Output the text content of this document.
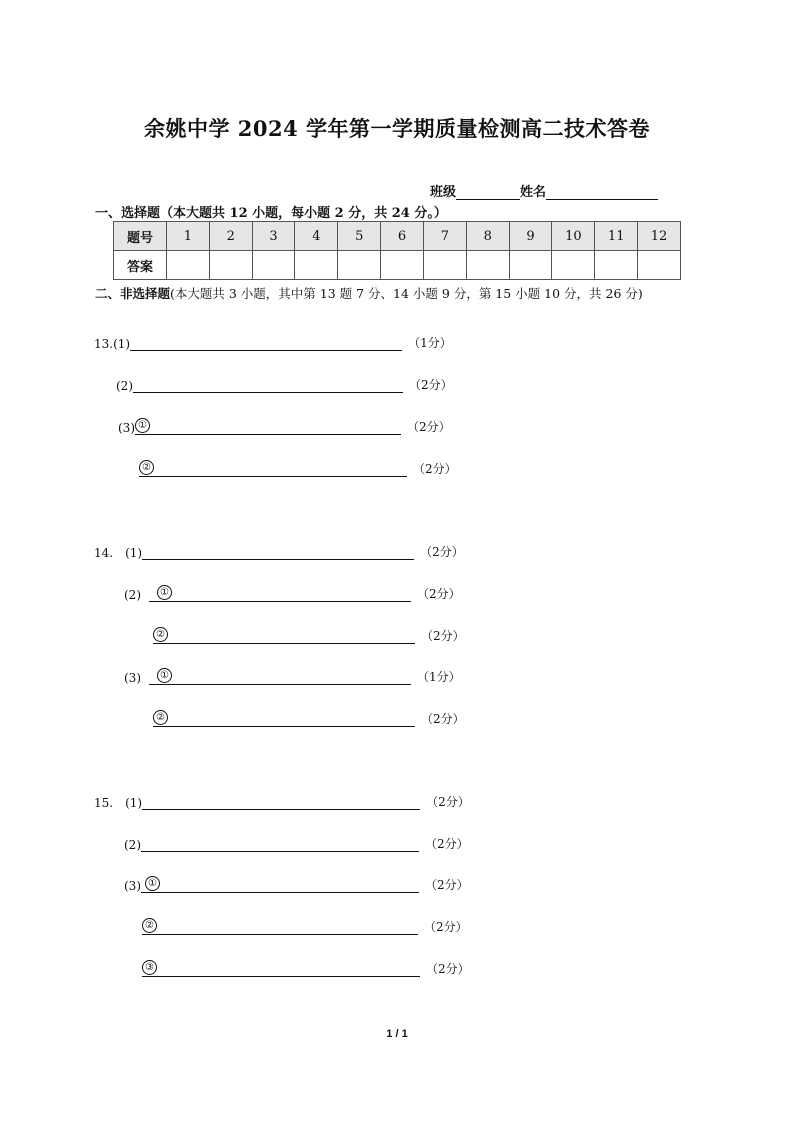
余姚中学 2024 学年第一学期质量检测高二技术答卷
班级	姓名
一、选择题（本大题共 12 小题，每小题 2 分，共 24 分。）
题号	1	2	3	4	5	6	7	8	9	10	11	12
答案												
二、非选择题(本大题共 3 小题，其中第 13 题 7 分、14 小题 9 分，第 15 小题 10 分，共 26 分)
13. (1)	（1分）
(2)	（2分）
(3) ①	（2分）
②	（2分）
14. (1)	（2分）
(2)	①	（2分）
②	（2分）
(3)	①	（1分）
②	（2分）
15. (1)	（2分）
(2)	（2分）
(3) ①	（2分）
②	（2分）
③	（2分）
1 / 1
